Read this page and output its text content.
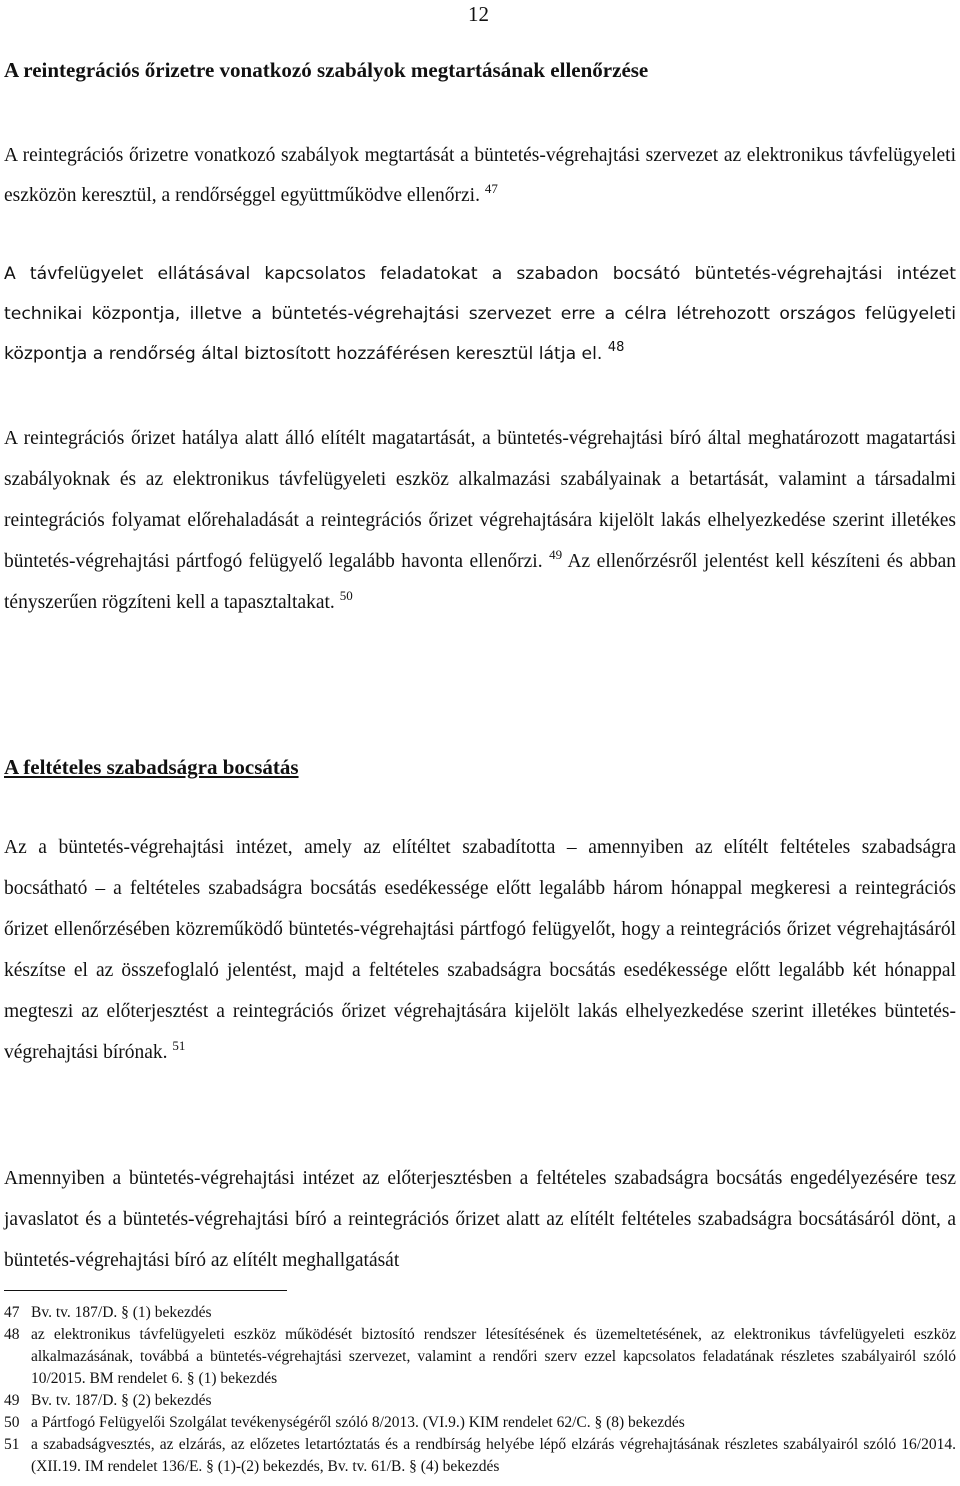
12
A reintegrációs őrizetre vonatkozó szabályok megtartásának ellenőrzése

A reintegrációs őrizetre vonatkozó szabályok megtartását a büntetés-végrehajtási szervezet az elektronikus távfelügyeleti eszközön keresztül, a rendőrséggel együttműködve ellenőrzi. $^{47}$

A távfelügyelet ellátásával kapcsolatos feladatokat a szabadon bocsátó büntetés-végrehajtási intézet technikai központja, illetve a büntetés-végrehajtási szervezet erre a célra létrehozott országos felügyeleti központja a rendőrség által biztosított hozzáférésen keresztül látja el. $^{48}$

A reintegrációs őrizet hatálya alatt álló elítélt magatartását, a büntetés-végrehajtási bíró által meghatározott magatartási szabályoknak és az elektronikus távfelügyeleti eszköz alkalmazási szabályainak a betartását, valamint a társadalmi reintegrációs folyamat előrehaladását a reintegrációs őrizet végrehajtására kijelölt lakás elhelyezkedése szerint illetékes büntetés-végrehajtási pártfogó felügyelő legalább havonta ellenőrzi. $^{49}$ Az ellenőrzésről jelentést kell készíteni és abban tényszerűen rögzíteni kell a tapasztaltakat. $^{50}$

A feltételes szabadságra bocsátás

Az a büntetés-végrehajtási intézet, amely az elítéltet szabadította ‒ amennyiben az elítélt feltételes szabadságra bocsátható ‒ a feltételes szabadságra bocsátás esedékessége előtt legalább három hónappal megkeresi a reintegrációs őrizet ellenőrzésében közreműködő büntetés-végrehajtási pártfogó felügyelőt, hogy a reintegrációs őrizet végrehajtásáról készítse el az összefoglaló jelentést, majd a feltételes szabadságra bocsátás esedékessége előtt legalább két hónappal megteszi az előterjesztést a reintegrációs őrizet végrehajtására kijelölt lakás elhelyezkedése szerint illetékes büntetés-végrehajtási bírónak. $^{51}$

Amennyiben a büntetés-végrehajtási intézet az előterjesztésben a feltételes szabadságra bocsátás engedélyezésére tesz javaslatot és a büntetés-végrehajtási bíró a reintegrációs őrizet alatt az elítélt feltételes szabadságra bocsátásáról dönt, a büntetés-végrehajtási bíró az elítélt meghallgatását

47 Bv. tv. 187/D. § (1) bekezdés
48 az elektronikus távfelügyeleti eszköz működését biztosító rendszer létesítésének és üzemeltetésének, az elektronikus távfelügyeleti eszköz alkalmazásának, továbbá a büntetés-végrehajtási szervezet, valamint a rendőri szerv ezzel kapcsolatos feladatának részletes szabályairól szóló 10/2015. BM rendelet 6. § (1) bekezdés
49 Bv. tv. 187/D. § (2) bekezdés
50 a Pártfogó Felügyelői Szolgálat tevékenységéről szóló 8/2013. (VI.9.) KIM rendelet 62/C. § (8) bekezdés
51 a szabadságvesztés, az elzárás, az előzetes letartóztatás és a rendbírság helyébe lépő elzárás végrehajtásának részletes szabályairól szóló 16/2014. (XII.19. IM rendelet 136/E. § (1)-(2) bekezdés, Bv. tv. 61/B. § (4) bekezdés
